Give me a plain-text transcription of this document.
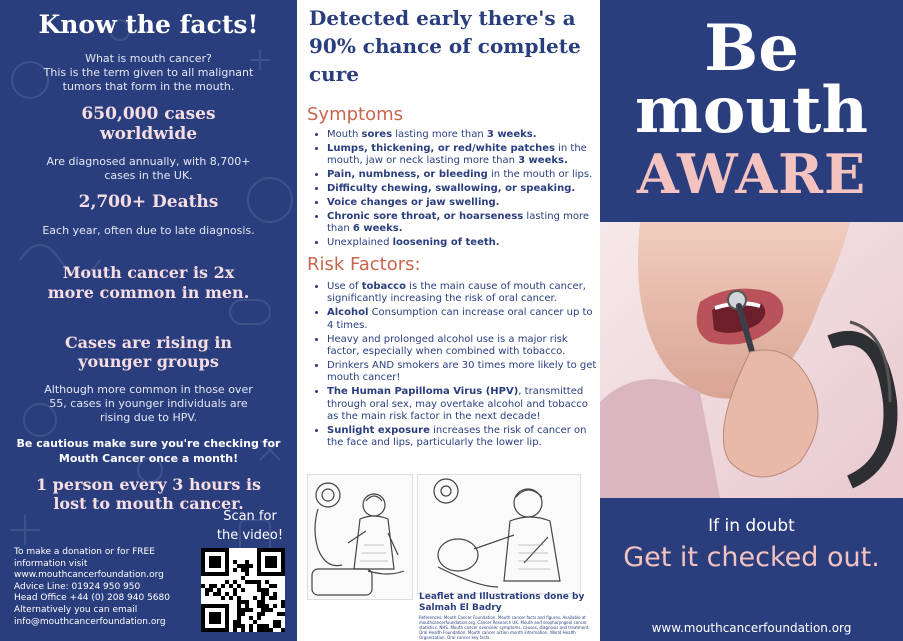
Know the facts!
What is mouth cancer?
This is the term given to all malignant tumors that form in the mouth.
650,000 cases worldwide
Are diagnosed annually, with 8,700+ cases in the UK.
2,700+ Deaths
Each year, often due to late diagnosis.
Mouth cancer is 2x more common in men.
Cases are rising in younger groups
Although more common in those over 55, cases in younger individuals are rising due to HPV.
Be cautious make sure you're checking for Mouth Cancer once a month!
1 person every 3 hours is lost to mouth cancer.
Scan for
the video!
To make a donation or for FREE
information visit
www.mouthcancerfoundation.org
Advice Line: 01924 950 950
Head Office +44 (0) 208 940 5680
Alternatively you can email
info@mouthcancerfoundation.org
Detected early there's a 90% chance of complete cure
Symptoms
• Mouth sores lasting more than 3 weeks.
• Lumps, thickening, or red/white patches in the mouth, jaw or neck lasting more than 3 weeks.
• Pain, numbness, or bleeding in the mouth or lips.
• Difficulty chewing, swallowing, or speaking.
• Voice changes or jaw swelling.
• Chronic sore throat, or hoarseness lasting more than 6 weeks.
• Unexplained loosening of teeth.
Risk Factors:
• Use of tobacco is the main cause of mouth cancer, significantly increasing the risk of oral cancer.
• Alcohol Consumption can increase oral cancer up to 4 times.
• Heavy and prolonged alcohol use is a major risk factor, especially when combined with tobacco.
• Drinkers AND smokers are 30 times more likely to get mouth cancer!
• The Human Papilloma Virus (HPV), transmitted through oral sex, may overtake alcohol and tobacco as the main risk factor in the next decade!
• Sunlight exposure increases the risk of cancer on the face and lips, particularly the lower lip.
Leaflet and Illustrations done by Salmah El Badry
References: Mouth Cancer Foundation. Mouth cancer facts and figures. Available at mouthcancerfoundation.org. Cancer Research UK. Mouth and oropharyngeal cancer statistics. NHS. Mouth cancer overview: symptoms, causes, diagnosis and treatment. Oral Health Foundation. Mouth cancer action month information. World Health Organization. Oral cancer key facts.
Be
mouth
AWARE
If in doubt
Get it checked out.
www.mouthcancerfoundation.org
